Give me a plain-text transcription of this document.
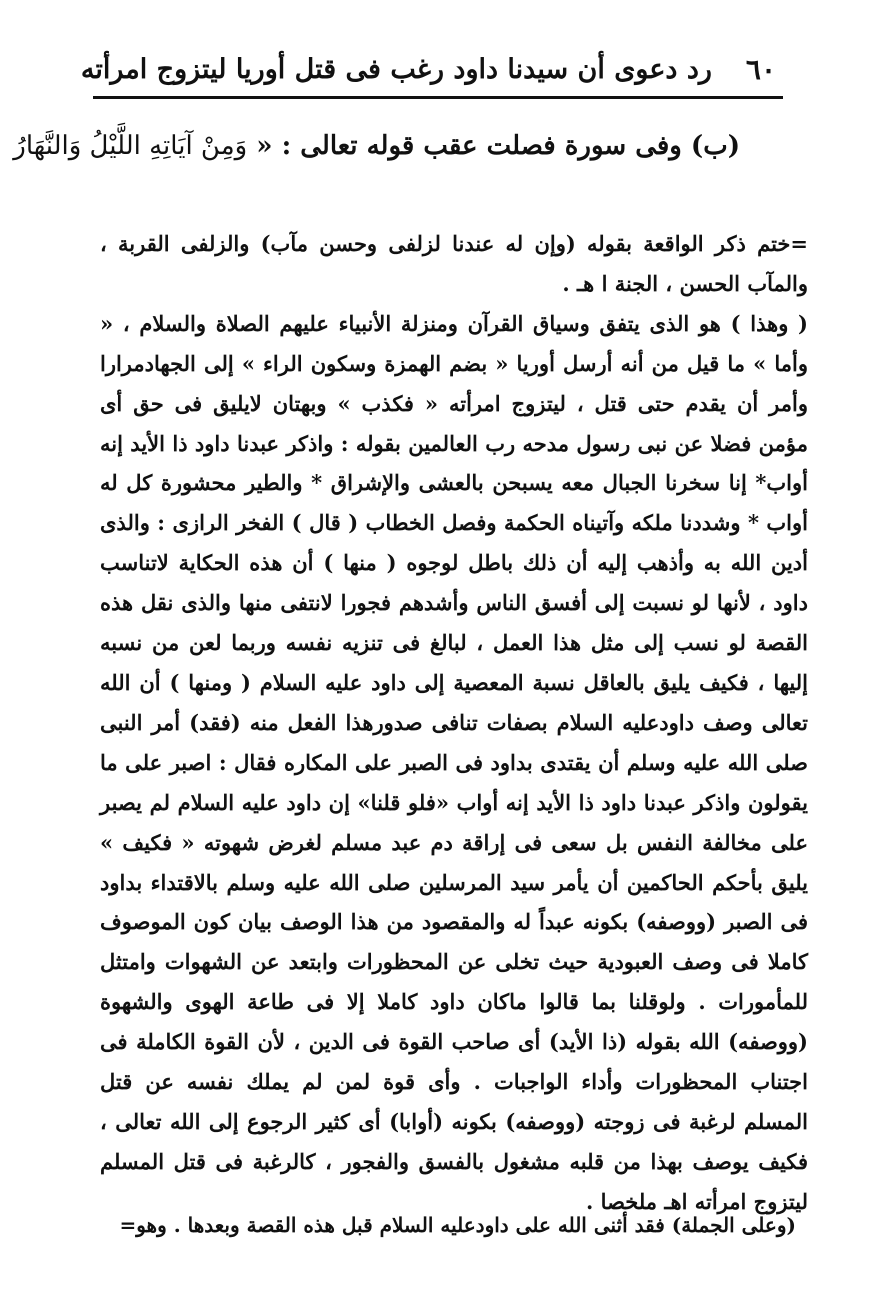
٦٠
رد دعوى أن سيدنا داود رغب فى قتل أوريا ليتزوج امرأته
(ب) وفى سورة فصلت عقب قوله تعالى : « وَمِنْ آيَاتِهِ اللَّيْلُ وَالنَّهَارُ

=ختم ذكر الواقعة بقوله (وإن له عندنا لزلفى وحسن مآب) والزلفى القربة ، والمآب الحسن ، الجنة ا هـ .

( وهذا ) هو الذى يتفق وسياق القرآن ومنزلة الأنبياء عليهم الصلاة والسلام ، « وأما » ما قيل من أنه أرسل أوريا « بضم الهمزة وسكون الراء » إلى الجهادمرارا وأمر أن يقدم حتى قتل ، ليتزوج امرأته « فكذب » وبهتان لايليق فى حق أى مؤمن فضلا عن نبى رسول مدحه رب العالمين بقوله : واذكر عبدنا داود ذا الأيد إنه أواب* إنا سخرنا الجبال معه يسبحن بالعشى والإشراق * والطير محشورة كل له أواب * وشددنا ملكه وآتيناه الحكمة وفصل الخطاب ( قال ) الفخر الرازى : والذى أدين الله به وأذهب إليه أن ذلك باطل لوجوه ( منها ) أن هذه الحكاية لاتناسب داود ، لأنها لو نسبت إلى أفسق الناس وأشدهم فجورا لانتفى منها والذى نقل هذه القصة لو نسب إلى مثل هذا العمل ، لبالغ فى تنزيه نفسه وربما لعن من نسبه إليها ، فكيف يليق بالعاقل نسبة المعصية إلى داود عليه السلام ( ومنها ) أن الله تعالى وصف داودعليه السلام بصفات تنافى صدورهذا الفعل منه (فقد) أمر النبى صلى الله عليه وسلم أن يقتدى بداود فى الصبر على المكاره فقال : اصبر على ما يقولون واذكر عبدنا داود ذا الأيد إنه أواب «فلو قلنا» إن داود عليه السلام لم يصبر على مخالفة النفس بل سعى فى إراقة دم عبد مسلم لغرض شهوته « فكيف » يليق بأحكم الحاكمين أن يأمر سيد المرسلين صلى الله عليه وسلم بالاقتداء بداود فى الصبر (ووصفه) بكونه عبداً له والمقصود من هذا الوصف بيان كون الموصوف كاملا فى وصف العبودية حيث تخلى عن المحظورات وابتعد عن الشهوات وامتثل للمأمورات . ولوقلنا بما قالوا ماكان داود كاملا إلا فى طاعة الهوى والشهوة (ووصفه) الله بقوله (ذا الأيد) أى صاحب القوة فى الدين ، لأن القوة الكاملة فى اجتناب المحظورات وأداء الواجبات . وأى قوة لمن لم يملك نفسه عن قتل المسلم لرغبة فى زوجته (ووصفه) بكونه (أوابا) أى كثير الرجوع إلى الله تعالى ، فكيف يوصف بهذا من قلبه مشغول بالفسق والفجور ، كالرغبة فى قتل المسلم ليتزوج امرأته اهـ ملخصا .

(وعلى الجملة) فقد أثنى الله على داودعليه السلام قبل هذه القصة وبعدها . وهو=
